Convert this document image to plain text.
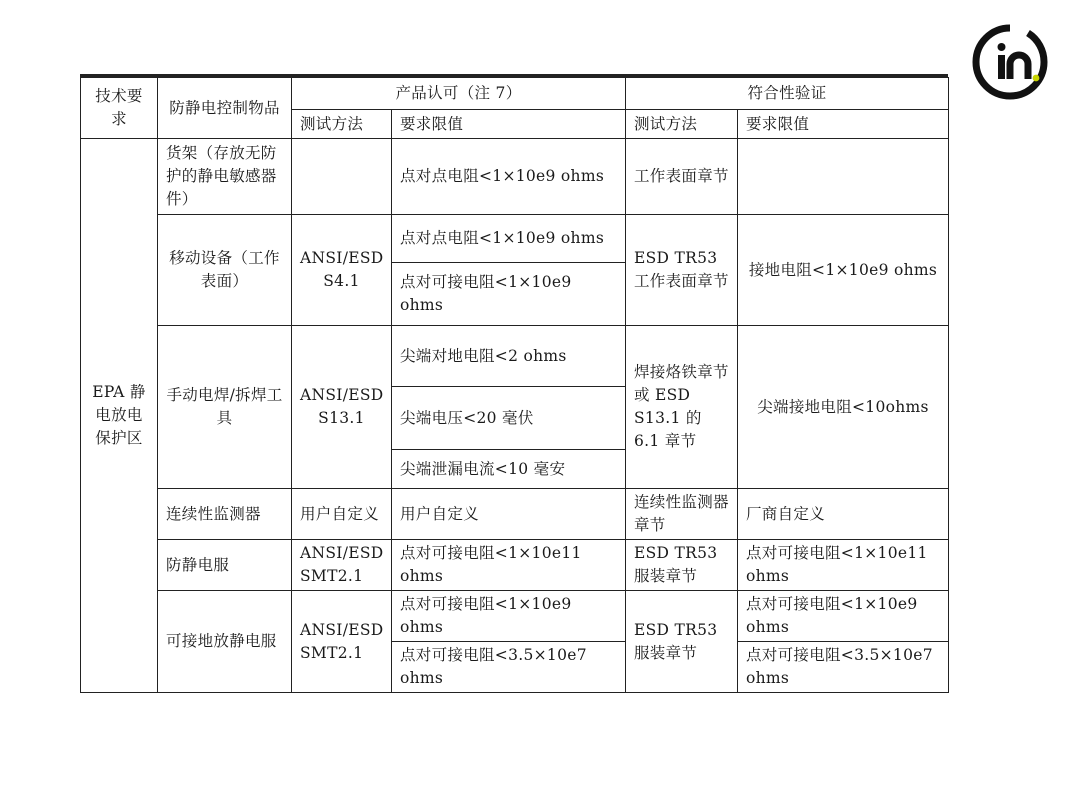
技术要求	防静电控制物品	产品认可（注 7）		符合性验证	
		测试方法	要求限值	测试方法	要求限值
EPA 静电放电保护区	货架（存放无防护的静电敏感器件）		点对点电阻<1×10e9 ohms	工作表面章节	
	移动设备（工作表面）	ANSI/ESD S4.1	点对点电阻<1×10e9 ohms	ESD TR53 工作表面章节	接地电阻<1×10e9 ohms
			点对可接电阻<1×10e9 ohms		
	手动电焊/拆焊工具	ANSI/ESD S13.1	尖端对地电阻<2 ohms	焊接烙铁章节或 ESD S13.1 的 6.1 章节	尖端接地电阻<10ohms
			尖端电压<20 毫伏		
			尖端泄漏电流<10 毫安		
	连续性监测器	用户自定义	用户自定义	连续性监测器章节	厂商自定义
	防静电服	ANSI/ESD SMT2.1	点对可接电阻<1×10e11 ohms	ESD TR53 服装章节	点对可接电阻<1×10e11 ohms
	可接地放静电服	ANSI/ESD SMT2.1	点对可接电阻<1×10e9 ohms	ESD TR53 服装章节	点对可接电阻<1×10e9 ohms
			点对可接电阻<3.5×10e7 ohms		点对可接电阻<3.5×10e7 ohms
